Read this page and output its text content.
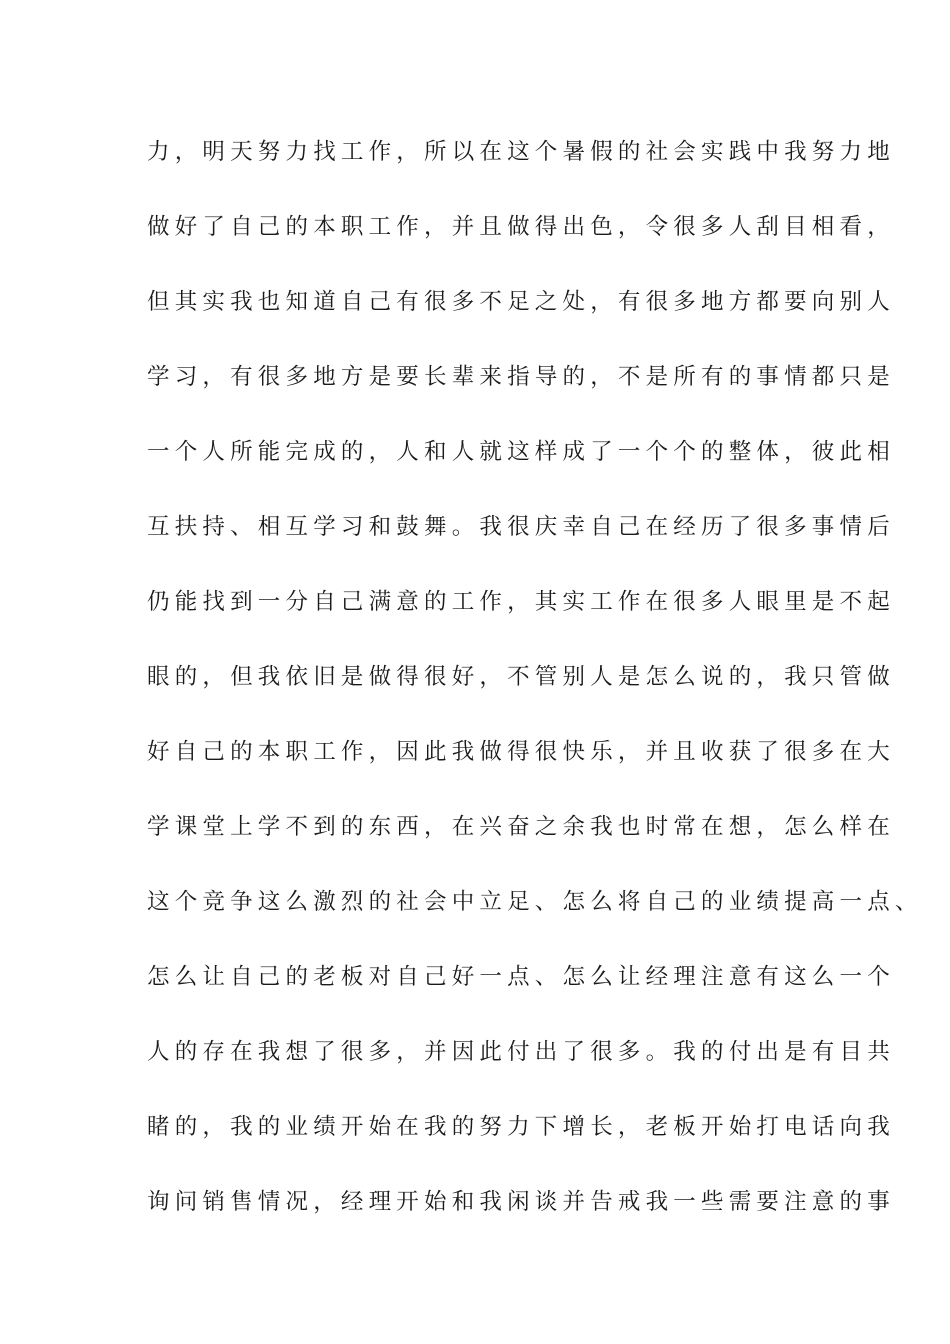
力，明天努力找工作，所以在这个暑假的社会实践中我努力地
做好了自己的本职工作，并且做得出色，令很多人刮目相看，
但其实我也知道自己有很多不足之处，有很多地方都要向别人
学习，有很多地方是要长辈来指导的，不是所有的事情都只是
一个人所能完成的，人和人就这样成了一个个的整体，彼此相
互扶持、相互学习和鼓舞。我很庆幸自己在经历了很多事情后
仍能找到一分自己满意的工作，其实工作在很多人眼里是不起
眼的，但我依旧是做得很好，不管别人是怎么说的，我只管做
好自己的本职工作，因此我做得很快乐，并且收获了很多在大
学课堂上学不到的东西，在兴奋之余我也时常在想，怎么样在
这个竞争这么激烈的社会中立足、怎么将自己的业绩提高一点、
怎么让自己的老板对自己好一点、怎么让经理注意有这么一个
人的存在我想了很多，并因此付出了很多。我的付出是有目共
睹的，我的业绩开始在我的努力下增长，老板开始打电话向我
询问销售情况，经理开始和我闲谈并告戒我一些需要注意的事
